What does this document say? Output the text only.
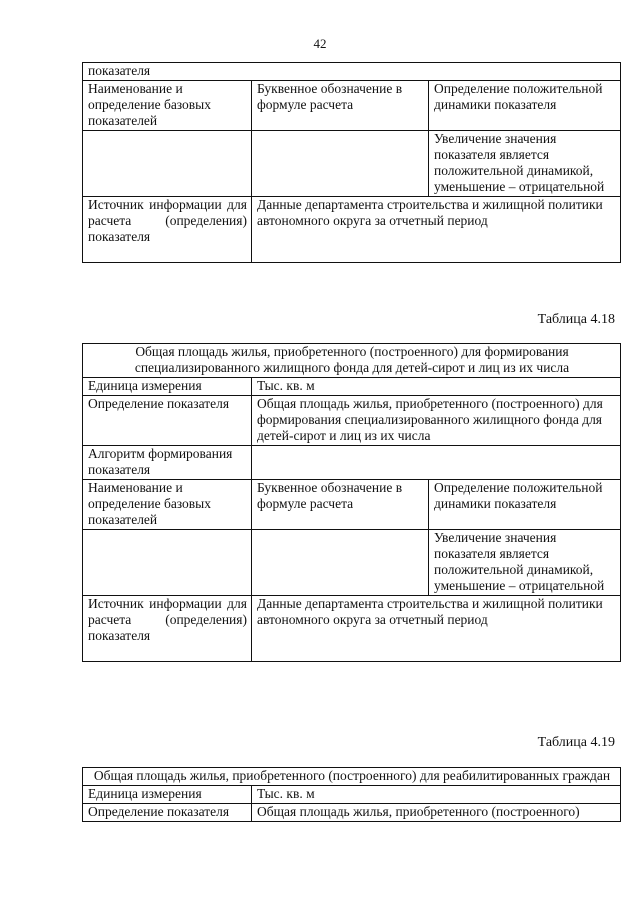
42
показателя		
Наименование и определение базовых показателей	Буквенное обозначение в формуле расчета	Определение положительной динамики показателя
		Увеличение значения показателя является положительной динамикой, уменьшение – отрицательной
Источник информации для расчета (определения) показателя	Данные департамента строительства и жилищной политики автономного округа за отчетный период	
Таблица 4.18
Общая площадь жилья, приобретенного (построенного) для формирования специализированного жилищного фонда для детей-сирот и лиц из их числа		
Единица измерения	Тыс. кв. м	
Определение показателя	Общая площадь жилья, приобретенного (построенного) для формирования специализированного жилищного фонда для детей-сирот и лиц из их числа	
Алгоритм формирования показателя		
Наименование и определение базовых показателей	Буквенное обозначение в формуле расчета	Определение положительной динамики показателя
		Увеличение значения показателя является положительной динамикой, уменьшение – отрицательной
Источник информации для расчета (определения) показателя	Данные департамента строительства и жилищной политики автономного округа за отчетный период	
Таблица 4.19
Общая площадь жилья, приобретенного (построенного) для реабилитированных граждан	
Единица измерения	Тыс. кв. м
Определение показателя	Общая площадь жилья, приобретенного (построенного)
